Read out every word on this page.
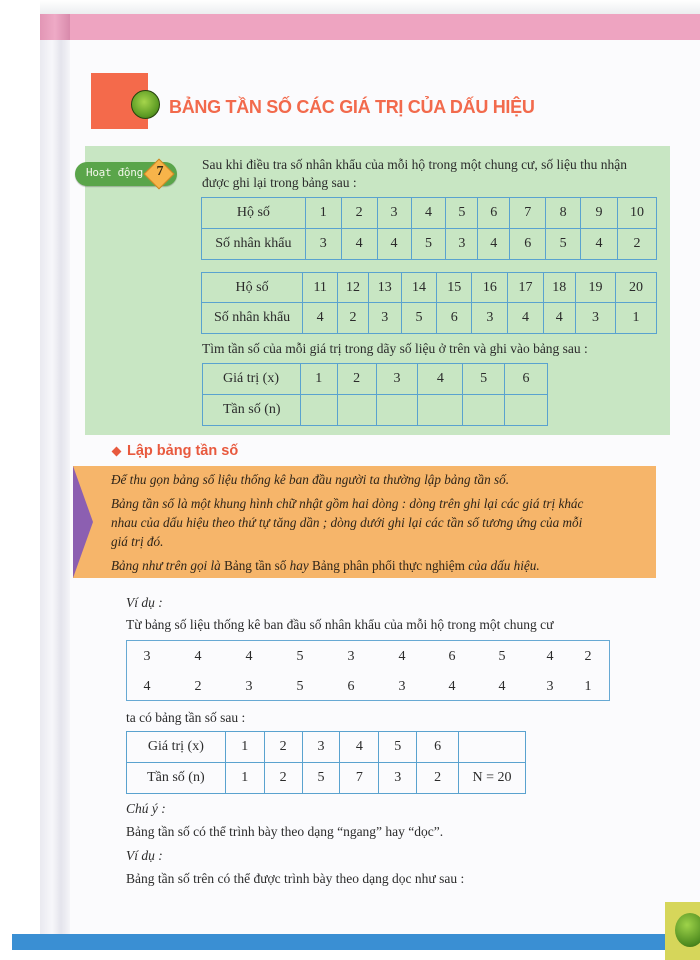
BẢNG TẦN SỐ CÁC GIÁ TRỊ CỦA DẤU HIỆU
Hoạt động 7	Sau khi điều tra số nhân khẩu của mỗi hộ trong một chung cư, số liệu thu nhận
được ghi lại trong bảng sau :
Hộ số	1	2	3	4	5	6	7	8	9	10
Số nhân khẩu	3	4	4	5	3	4	6	5	4	2
Hộ số	11	12	13	14	15	16	17	18	19	20
Số nhân khẩu	4	2	3	5	6	3	4	4	3	1
Tìm tần số của mỗi giá trị trong dãy số liệu ở trên và ghi vào bảng sau :
Giá trị (x)	1	2	3	4	5	6
Tần số (n)						
Lập bảng tần số
Để thu gọn bảng số liệu thống kê ban đầu người ta thường lập bảng tần số.
Bảng tần số là một khung hình chữ nhật gồm hai dòng : dòng trên ghi lại các giá trị khác
nhau của dấu hiệu theo thứ tự tăng dần ; dòng dưới ghi lại các tần số tương ứng của mỗi
giá trị đó.
Bảng như trên gọi là Bảng tần số hay Bảng phân phối thực nghiệm của dấu hiệu.
Ví dụ :
Từ bảng số liệu thống kê ban đầu số nhân khẩu của mỗi hộ trong một chung cư
3	4	4	5	3	4	6	5	4	2
4	2	3	5	6	3	4	4	3	1
ta có bảng tần số sau :
Giá trị (x)	1	2	3	4	5	6	
Tần số (n)	1	2	5	7	3	2	N = 20
Chú ý :
Bảng tần số có thể trình bày theo dạng “ngang” hay “dọc”.
Ví dụ :
Bảng tần số trên có thể được trình bày theo dạng dọc như sau :
